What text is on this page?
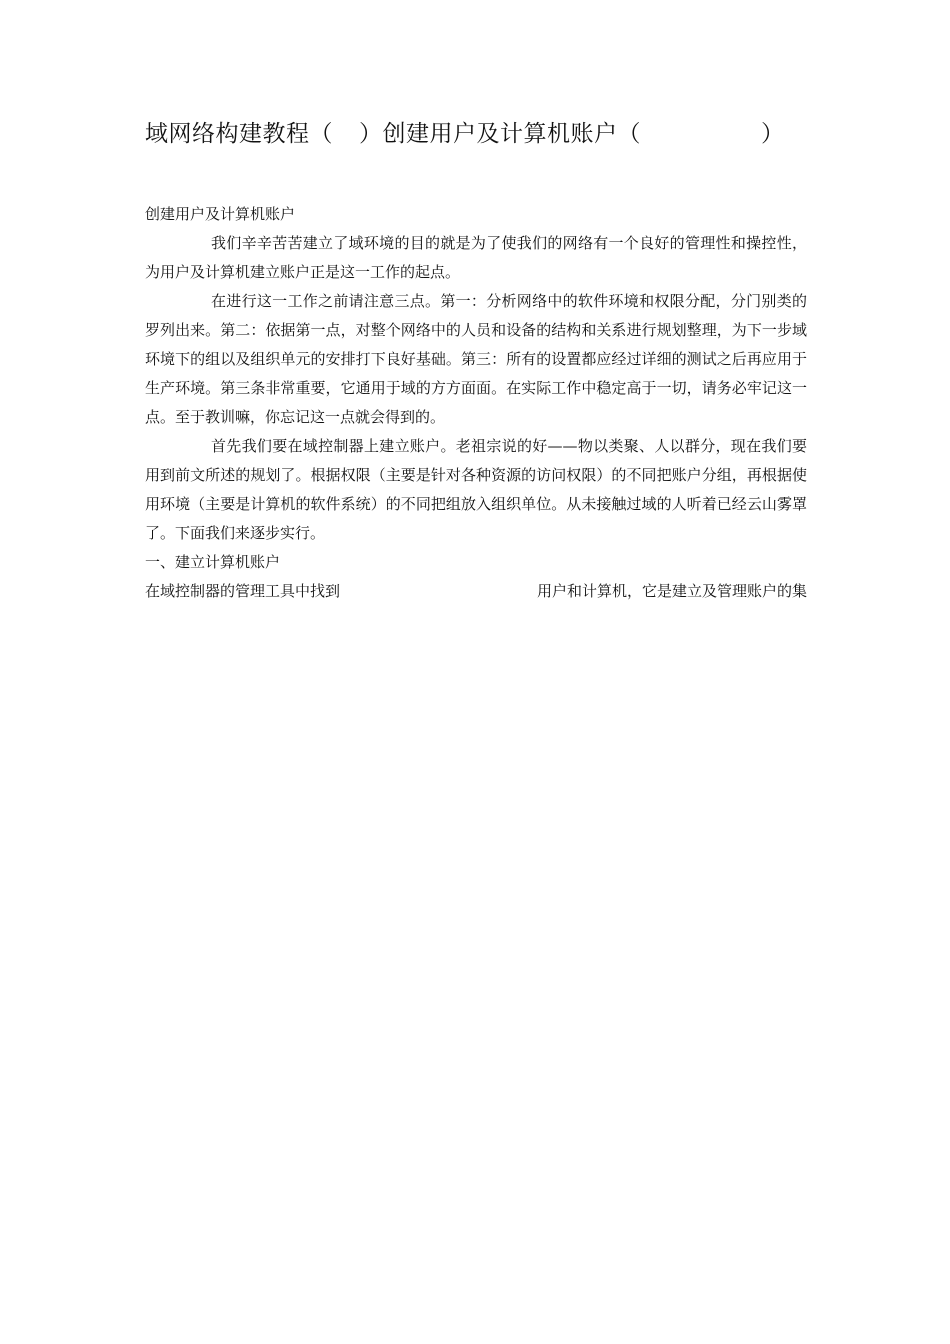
域网络构建教程（ ）创建用户及计算机账户（	）

创建用户及计算机账户

我们辛辛苦苦建立了域环境的目的就是为了使我们的网络有一个良好的管理性和操控性，为用户及计算机建立账户正是这一工作的起点。

在进行这一工作之前请注意三点。第一：分析网络中的软件环境和权限分配，分门别类的罗列出来。第二：依据第一点，对整个网络中的人员和设备的结构和关系进行规划整理，为下一步域环境下的组以及组织单元的安排打下良好基础。第三：所有的设置都应经过详细的测试之后再应用于生产环境。第三条非常重要，它通用于域的方方面面。在实际工作中稳定高于一切，请务必牢记这一点。至于教训嘛，你忘记这一点就会得到的。

首先我们要在域控制器上建立账户。老祖宗说的好——物以类聚、人以群分，现在我们要用到前文所述的规划了。根据权限（主要是针对各种资源的访问权限）的不同把账户分组，再根据使用环境（主要是计算机的软件系统）的不同把组放入组织单位。从未接触过域的人听着已经云山雾罩了。下面我们来逐步实行。

一、建立计算机账户

在域控制器的管理工具中找到	用户和计算机，它是建立及管理账户的集
